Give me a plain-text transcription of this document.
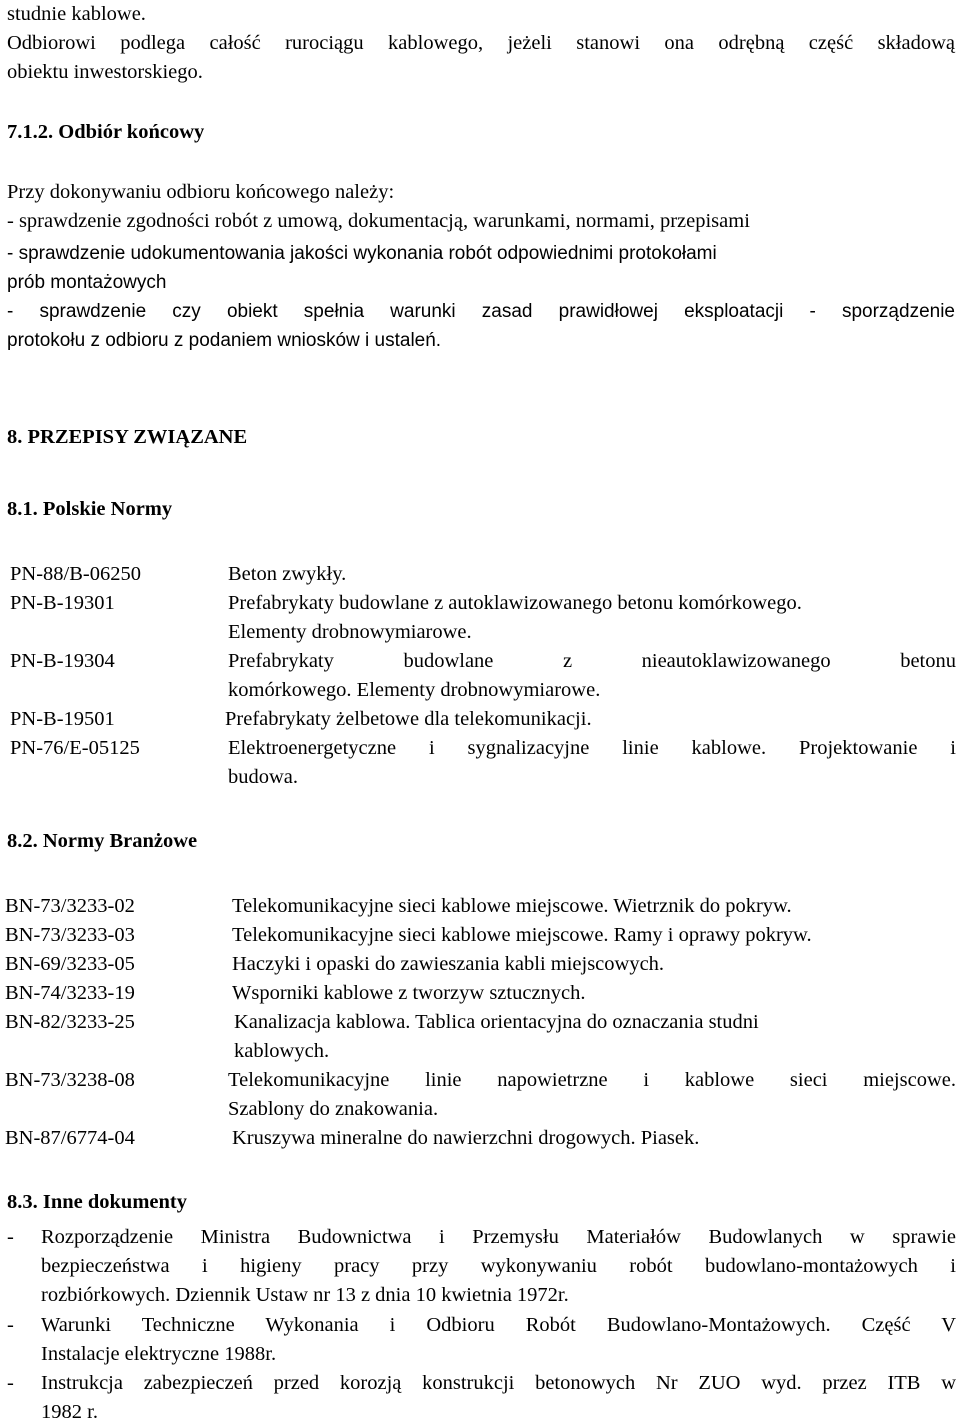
studnie kablowe.
Odbiorowi podlega całość rurociągu kablowego, jeżeli stanowi ona odrębną część składową
obiektu inwestorskiego.
7.1.2. Odbiór końcowy
Przy dokonywaniu odbioru końcowego należy:
- sprawdzenie zgodności robót z umową, dokumentacją, warunkami, normami, przepisami
- sprawdzenie udokumentowania jakości wykonania robót odpowiednimi protokołami
prób montażowych
- sprawdzenie czy obiekt spełnia warunki zasad prawidłowej eksploatacji - sporządzenie
protokołu z odbioru z podaniem wniosków i ustaleń.
8. PRZEPISY ZWIĄZANE
8.1. Polskie Normy
PN-88/B-06250	Beton zwykły.
PN-B-19301	Prefabrykaty budowlane z autoklawizowanego betonu komórkowego.
Elementy drobnowymiarowe.
PN-B-19304	Prefabrykaty budowlane z nieautoklawizowanego betonu
komórkowego. Elementy drobnowymiarowe.
PN-B-19501	Prefabrykaty żelbetowe dla telekomunikacji.
PN-76/E-05125	Elektroenergetyczne i sygnalizacyjne linie kablowe. Projektowanie i
budowa.
8.2. Normy Branżowe
BN-73/3233-02	Telekomunikacyjne sieci kablowe miejscowe. Wietrznik do pokryw.
BN-73/3233-03	Telekomunikacyjne sieci kablowe miejscowe. Ramy i oprawy pokryw.
BN-69/3233-05	Haczyki i opaski do zawieszania kabli miejscowych.
BN-74/3233-19	Wsporniki kablowe z tworzyw sztucznych.
BN-82/3233-25	Kanalizacja kablowa. Tablica orientacyjna do oznaczania studni
kablowych.
BN-73/3238-08	Telekomunikacyjne linie napowietrzne i kablowe sieci miejscowe.
Szablony do znakowania.
BN-87/6774-04	Kruszywa mineralne do nawierzchni drogowych. Piasek.
8.3. Inne dokumenty
- Rozporządzenie Ministra Budownictwa i Przemysłu Materiałów Budowlanych w sprawie
bezpieczeństwa i higieny pracy przy wykonywaniu robót budowlano-montażowych i
rozbiórkowych. Dziennik Ustaw nr 13 z dnia 10 kwietnia 1972r.
- Warunki Techniczne Wykonania i Odbioru Robót Budowlano-Montażowych. Część V
Instalacje elektryczne 1988r.
- Instrukcja zabezpieczeń przed korozją konstrukcji betonowych Nr ZUO wyd. przez ITB w
1982 r.
